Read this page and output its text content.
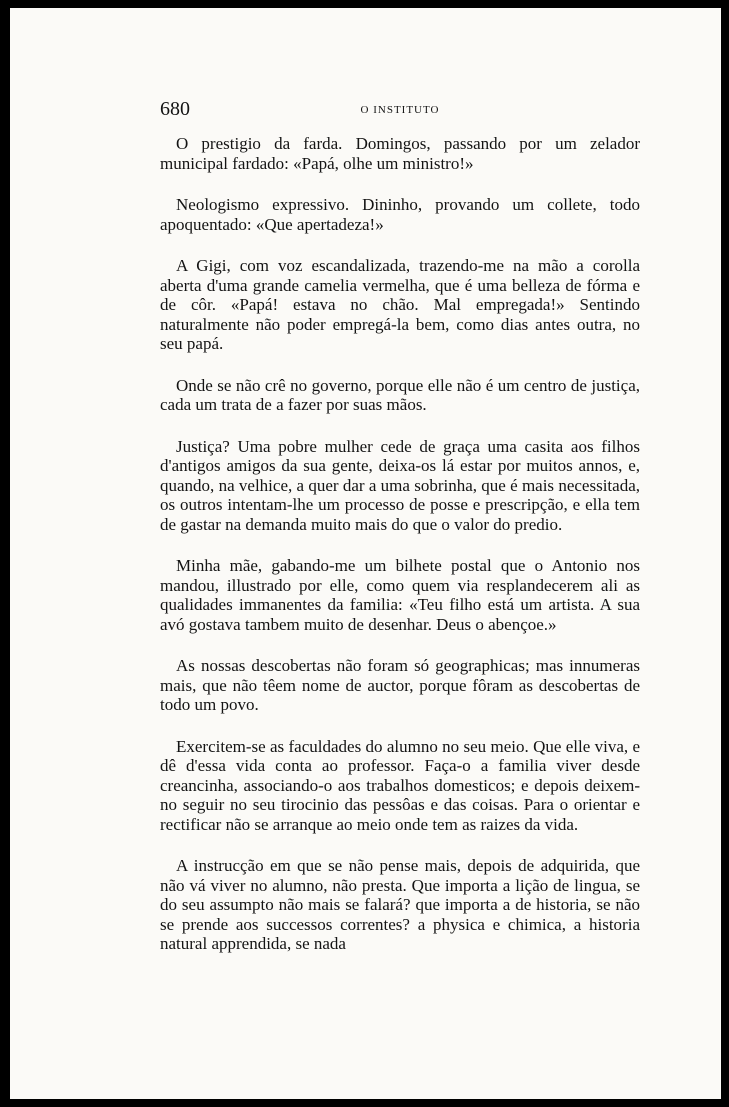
680	O INSTITUTO

O prestigio da farda. Domingos, passando por um zelador municipal fardado: «Papá, olhe um ministro!»

Neologismo expressivo. Dininho, provando um collete, todo apoquentado: «Que apertadeza!»

A Gigi, com voz escandalizada, trazendo-me na mão a corolla aberta d'uma grande camelia vermelha, que é uma belleza de fórma e de côr. «Papá! estava no chão. Mal empregada!» Sentindo naturalmente não poder empregá-la bem, como dias antes outra, no seu papá.

Onde se não crê no governo, porque elle não é um centro de justiça, cada um trata de a fazer por suas mãos.

Justiça? Uma pobre mulher cede de graça uma casita aos filhos d'antigos amigos da sua gente, deixa-os lá estar por muitos annos, e, quando, na velhice, a quer dar a uma sobrinha, que é mais necessitada, os outros intentam-lhe um processo de posse e prescripção, e ella tem de gastar na demanda muito mais do que o valor do predio.

Minha mãe, gabando-me um bilhete postal que o Antonio nos mandou, illustrado por elle, como quem via resplandecerem ali as qualidades immanentes da familia: «Teu filho está um artista. A sua avó gostava tambem muito de desenhar. Deus o abençoe.»

As nossas descobertas não foram só geographicas; mas innumeras mais, que não têem nome de auctor, porque fôram as descobertas de todo um povo.

Exercitem-se as faculdades do alumno no seu meio. Que elle viva, e dê d'essa vida conta ao professor. Faça-o a familia viver desde creancinha, associando-o aos trabalhos domesticos; e depois deixem-no seguir no seu tirocinio das pessôas e das coisas. Para o orientar e rectificar não se arranque ao meio onde tem as raizes da vida.

A instrucção em que se não pense mais, depois de adquirida, que não vá viver no alumno, não presta. Que importa a lição de lingua, se do seu assumpto não mais se falará? que importa a de historia, se não se prende aos successos correntes? a physica e chimica, a historia natural apprendida, se nada
